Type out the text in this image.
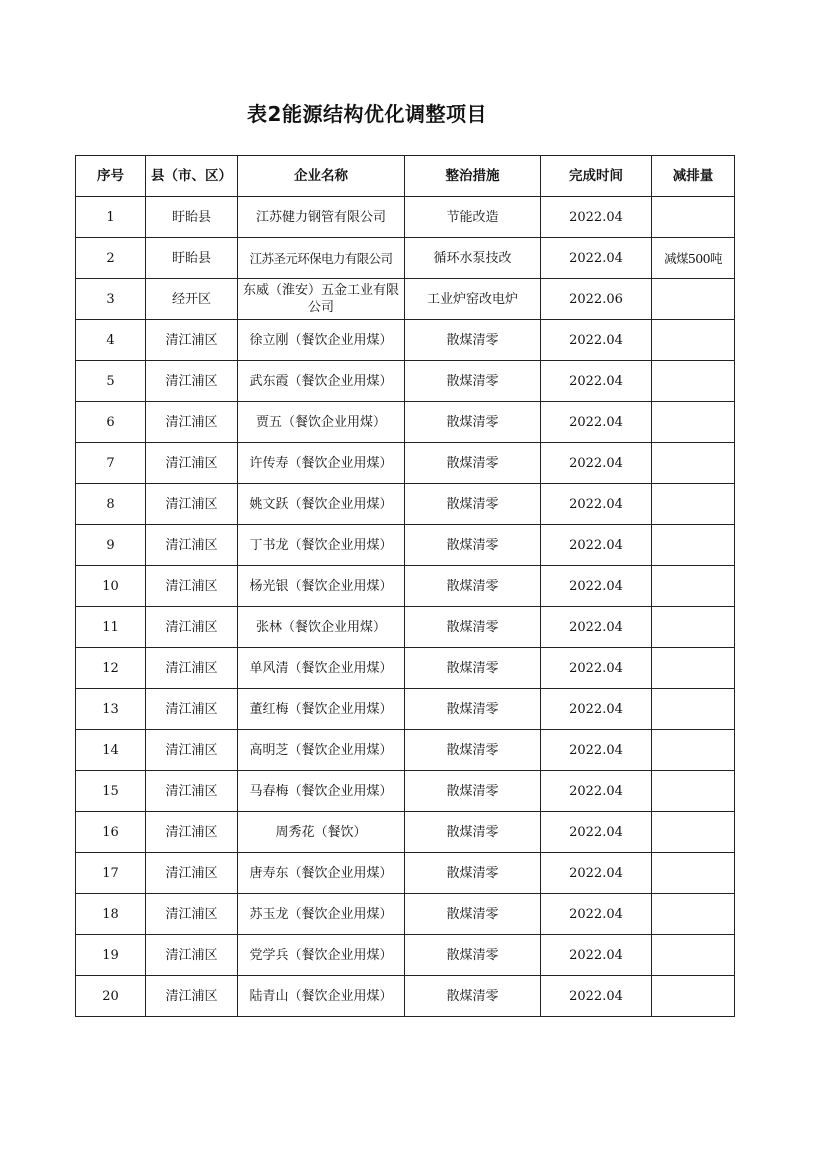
表2能源结构优化调整项目
序号	县（市、区）	企业名称	整治措施	完成时间	减排量
1	盱眙县	江苏健力钢管有限公司	节能改造	2022.04	
2	盱眙县	江苏圣元环保电力有限公司	循环水泵技改	2022.04	减煤500吨
3	经开区	东威（淮安）五金工业有限公司	工业炉窑改电炉	2022.06	
4	清江浦区	徐立刚（餐饮企业用煤）	散煤清零	2022.04	
5	清江浦区	武东霞（餐饮企业用煤）	散煤清零	2022.04	
6	清江浦区	贾五（餐饮企业用煤）	散煤清零	2022.04	
7	清江浦区	许传寿（餐饮企业用煤）	散煤清零	2022.04	
8	清江浦区	姚文跃（餐饮企业用煤）	散煤清零	2022.04	
9	清江浦区	丁书龙（餐饮企业用煤）	散煤清零	2022.04	
10	清江浦区	杨光银（餐饮企业用煤）	散煤清零	2022.04	
11	清江浦区	张林（餐饮企业用煤）	散煤清零	2022.04	
12	清江浦区	单风清（餐饮企业用煤）	散煤清零	2022.04	
13	清江浦区	董红梅（餐饮企业用煤）	散煤清零	2022.04	
14	清江浦区	高明芝（餐饮企业用煤）	散煤清零	2022.04	
15	清江浦区	马春梅（餐饮企业用煤）	散煤清零	2022.04	
16	清江浦区	周秀花（餐饮）	散煤清零	2022.04	
17	清江浦区	唐寿东（餐饮企业用煤）	散煤清零	2022.04	
18	清江浦区	苏玉龙（餐饮企业用煤）	散煤清零	2022.04	
19	清江浦区	党学兵（餐饮企业用煤）	散煤清零	2022.04	
20	清江浦区	陆青山（餐饮企业用煤）	散煤清零	2022.04	
